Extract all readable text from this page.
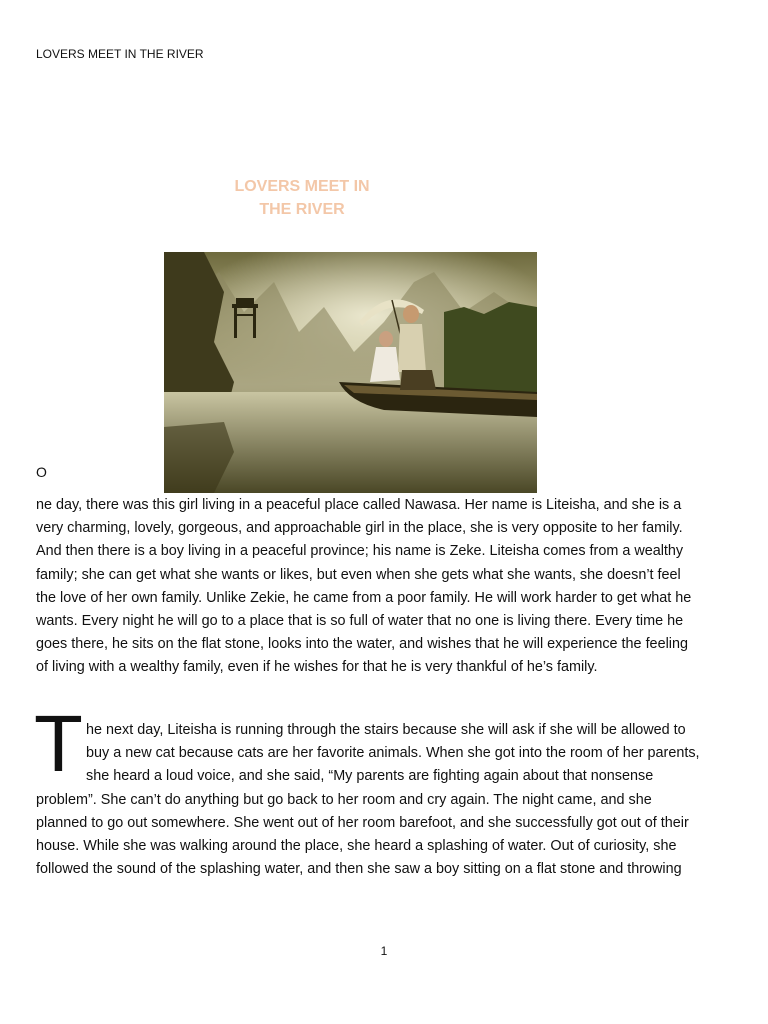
LOVERS MEET IN THE RIVER
LOVERS MEET IN
THE RIVER
O
ne day, there was this girl living in a peaceful place called Nawasa. Her name is Liteisha, and she is a
very charming, lovely, gorgeous, and approachable girl in the place, she is very opposite to her family.
And then there is a boy living in a peaceful province; his name is Zeke. Liteisha comes from a wealthy
family; she can get what she wants or likes, but even when she gets what she wants, she doesn’t feel
the love of her own family. Unlike Zekie, he came from a poor family. He will work harder to get what he
wants. Every night he will go to a place that is so full of water that no one is living there. Every time he
goes there, he sits on the flat stone, looks into the water, and wishes that he will experience the feeling
of living with a wealthy family, even if he wishes for that he is very thankful of he’s family.
T he next day, Liteisha is running through the stairs because she will ask if she will be allowed to
buy a new cat because cats are her favorite animals. When she got into the room of her parents,
she heard a loud voice, and she said, “My parents are fighting again about that nonsense
problem”. She can’t do anything but go back to her room and cry again. The night came, and she
planned to go out somewhere. She went out of her room barefoot, and she successfully got out of their
house. While she was walking around the place, she heard a splashing of water. Out of curiosity, she
followed the sound of the splashing water, and then she saw a boy sitting on a flat stone and throwing
1
